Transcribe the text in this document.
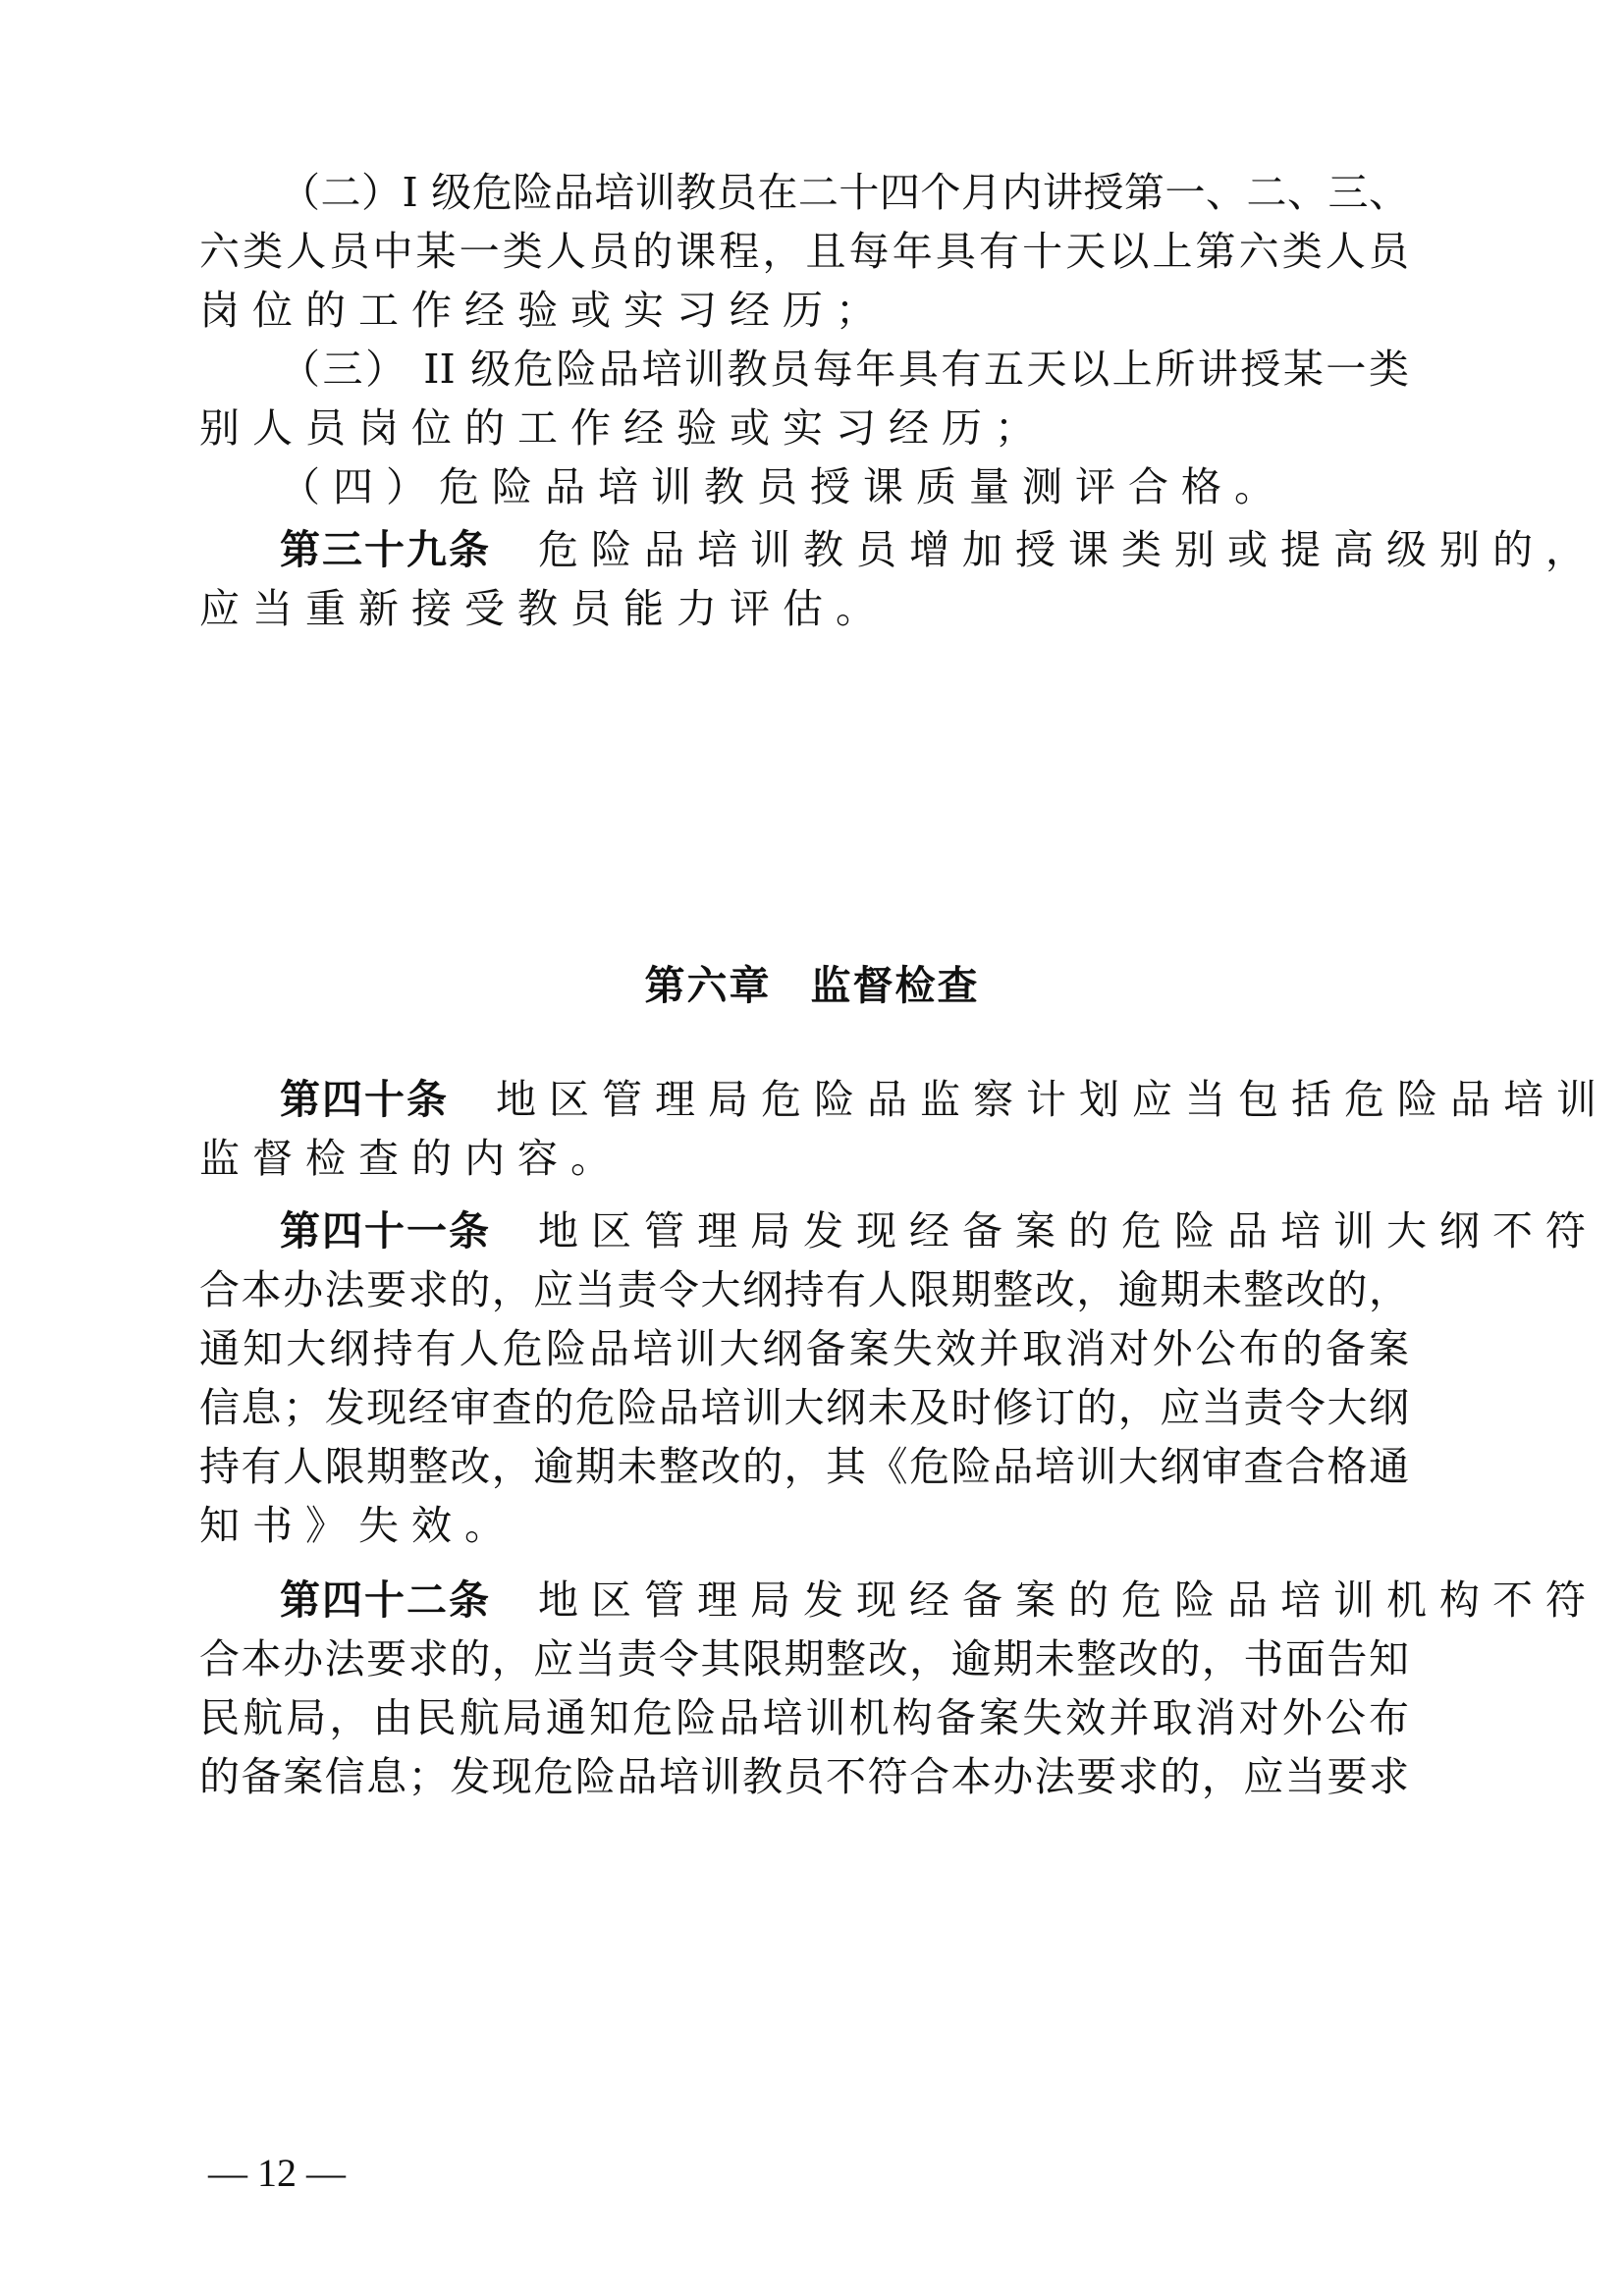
（二）I 级危险品培训教员在二十四个月内讲授第一、二、三、
六类人员中某一类人员的课程，且每年具有十天以上第六类人员
岗位的工作经验或实习经历；
（三） II 级危险品培训教员每年具有五天以上所讲授某一类
别人员岗位的工作经验或实习经历；
（四）危险品培训教员授课质量测评合格。
第三十九条 危险品培训教员增加授课类别或提高级别的，
应当重新接受教员能力评估。
第六章 监督检查
第四十条 地区管理局危险品监察计划应当包括危险品培训
监督检查的内容。
第四十一条 地区管理局发现经备案的危险品培训大纲不符
合本办法要求的，应当责令大纲持有人限期整改，逾期未整改的，
通知大纲持有人危险品培训大纲备案失效并取消对外公布的备案
信息；发现经审查的危险品培训大纲未及时修订的，应当责令大纲
持有人限期整改，逾期未整改的，其《危险品培训大纲审查合格通
知书》失效。
第四十二条 地区管理局发现经备案的危险品培训机构不符
合本办法要求的，应当责令其限期整改，逾期未整改的，书面告知
民航局，由民航局通知危险品培训机构备案失效并取消对外公布
的备案信息；发现危险品培训教员不符合本办法要求的，应当要求
— 12 —
